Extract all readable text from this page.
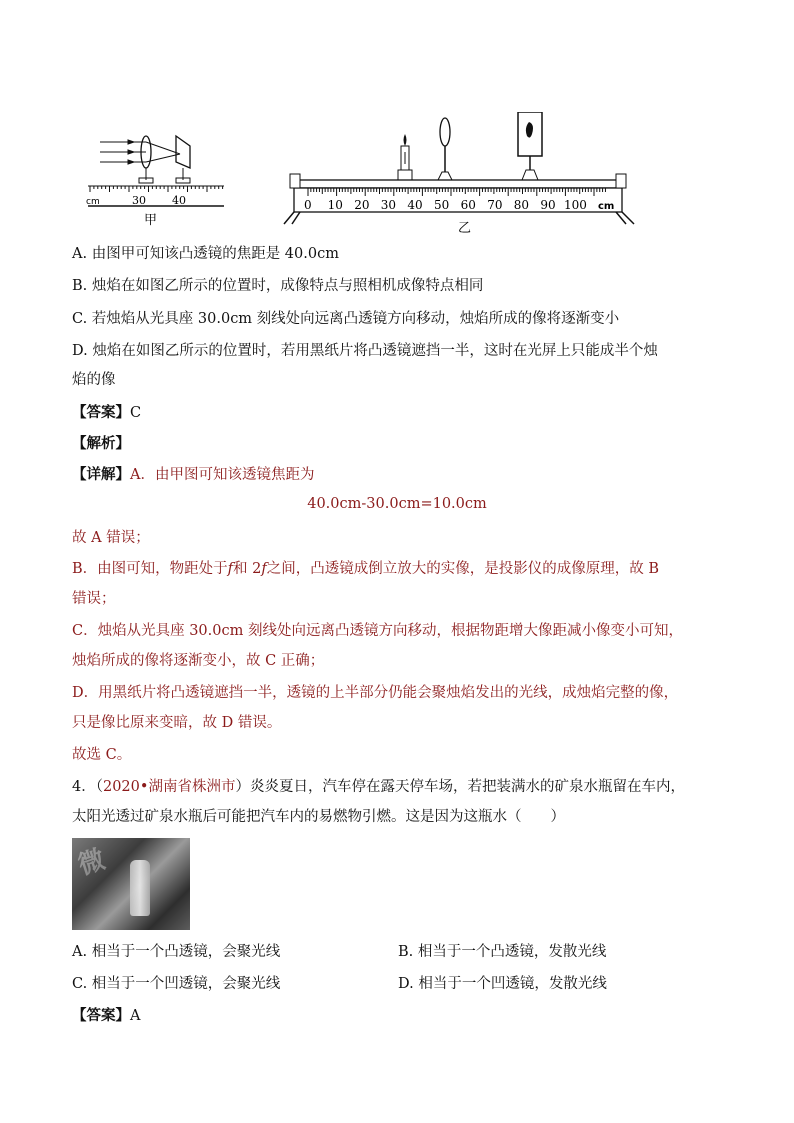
cm	30 40
甲
0 10 20 30 40 50 60 70 80 90 100 cm
乙
A. 由图甲可知该凸透镜的焦距是 40.0cm
B. 烛焰在如图乙所示的位置时，成像特点与照相机成像特点相同
C. 若烛焰从光具座 30.0cm 刻线处向远离凸透镜方向移动，烛焰所成的像将逐渐变小
D. 烛焰在如图乙所示的位置时，若用黑纸片将凸透镜遮挡一半，这时在光屏上只能成半个烛
焰的像
【答案】C
【解析】
【详解】A．由甲图可知该透镜焦距为
40.0cm-30.0cm=10.0cm
故 A 错误；
B．由图可知，物距处于f和 2f之间，凸透镜成倒立放大的实像，是投影仪的成像原理，故 B
错误；
C．烛焰从光具座 30.0cm 刻线处向远离凸透镜方向移动，根据物距增大像距减小像变小可知，
烛焰所成的像将逐渐变小，故 C 正确；
D．用黑纸片将凸透镜遮挡一半，透镜的上半部分仍能会聚烛焰发出的光线，成烛焰完整的像，
只是像比原来变暗，故 D 错误。
故选 C。
4．（2020•湖南省株洲市）炎炎夏日，汽车停在露天停车场，若把装满水的矿泉水瓶留在车内，
太阳光透过矿泉水瓶后可能把汽车内的易燃物引燃。这是因为这瓶水（　　）
微
A. 相当于一个凸透镜，会聚光线	B. 相当于一个凸透镜，发散光线
C. 相当于一个凹透镜，会聚光线	D. 相当于一个凹透镜，发散光线
【答案】A
